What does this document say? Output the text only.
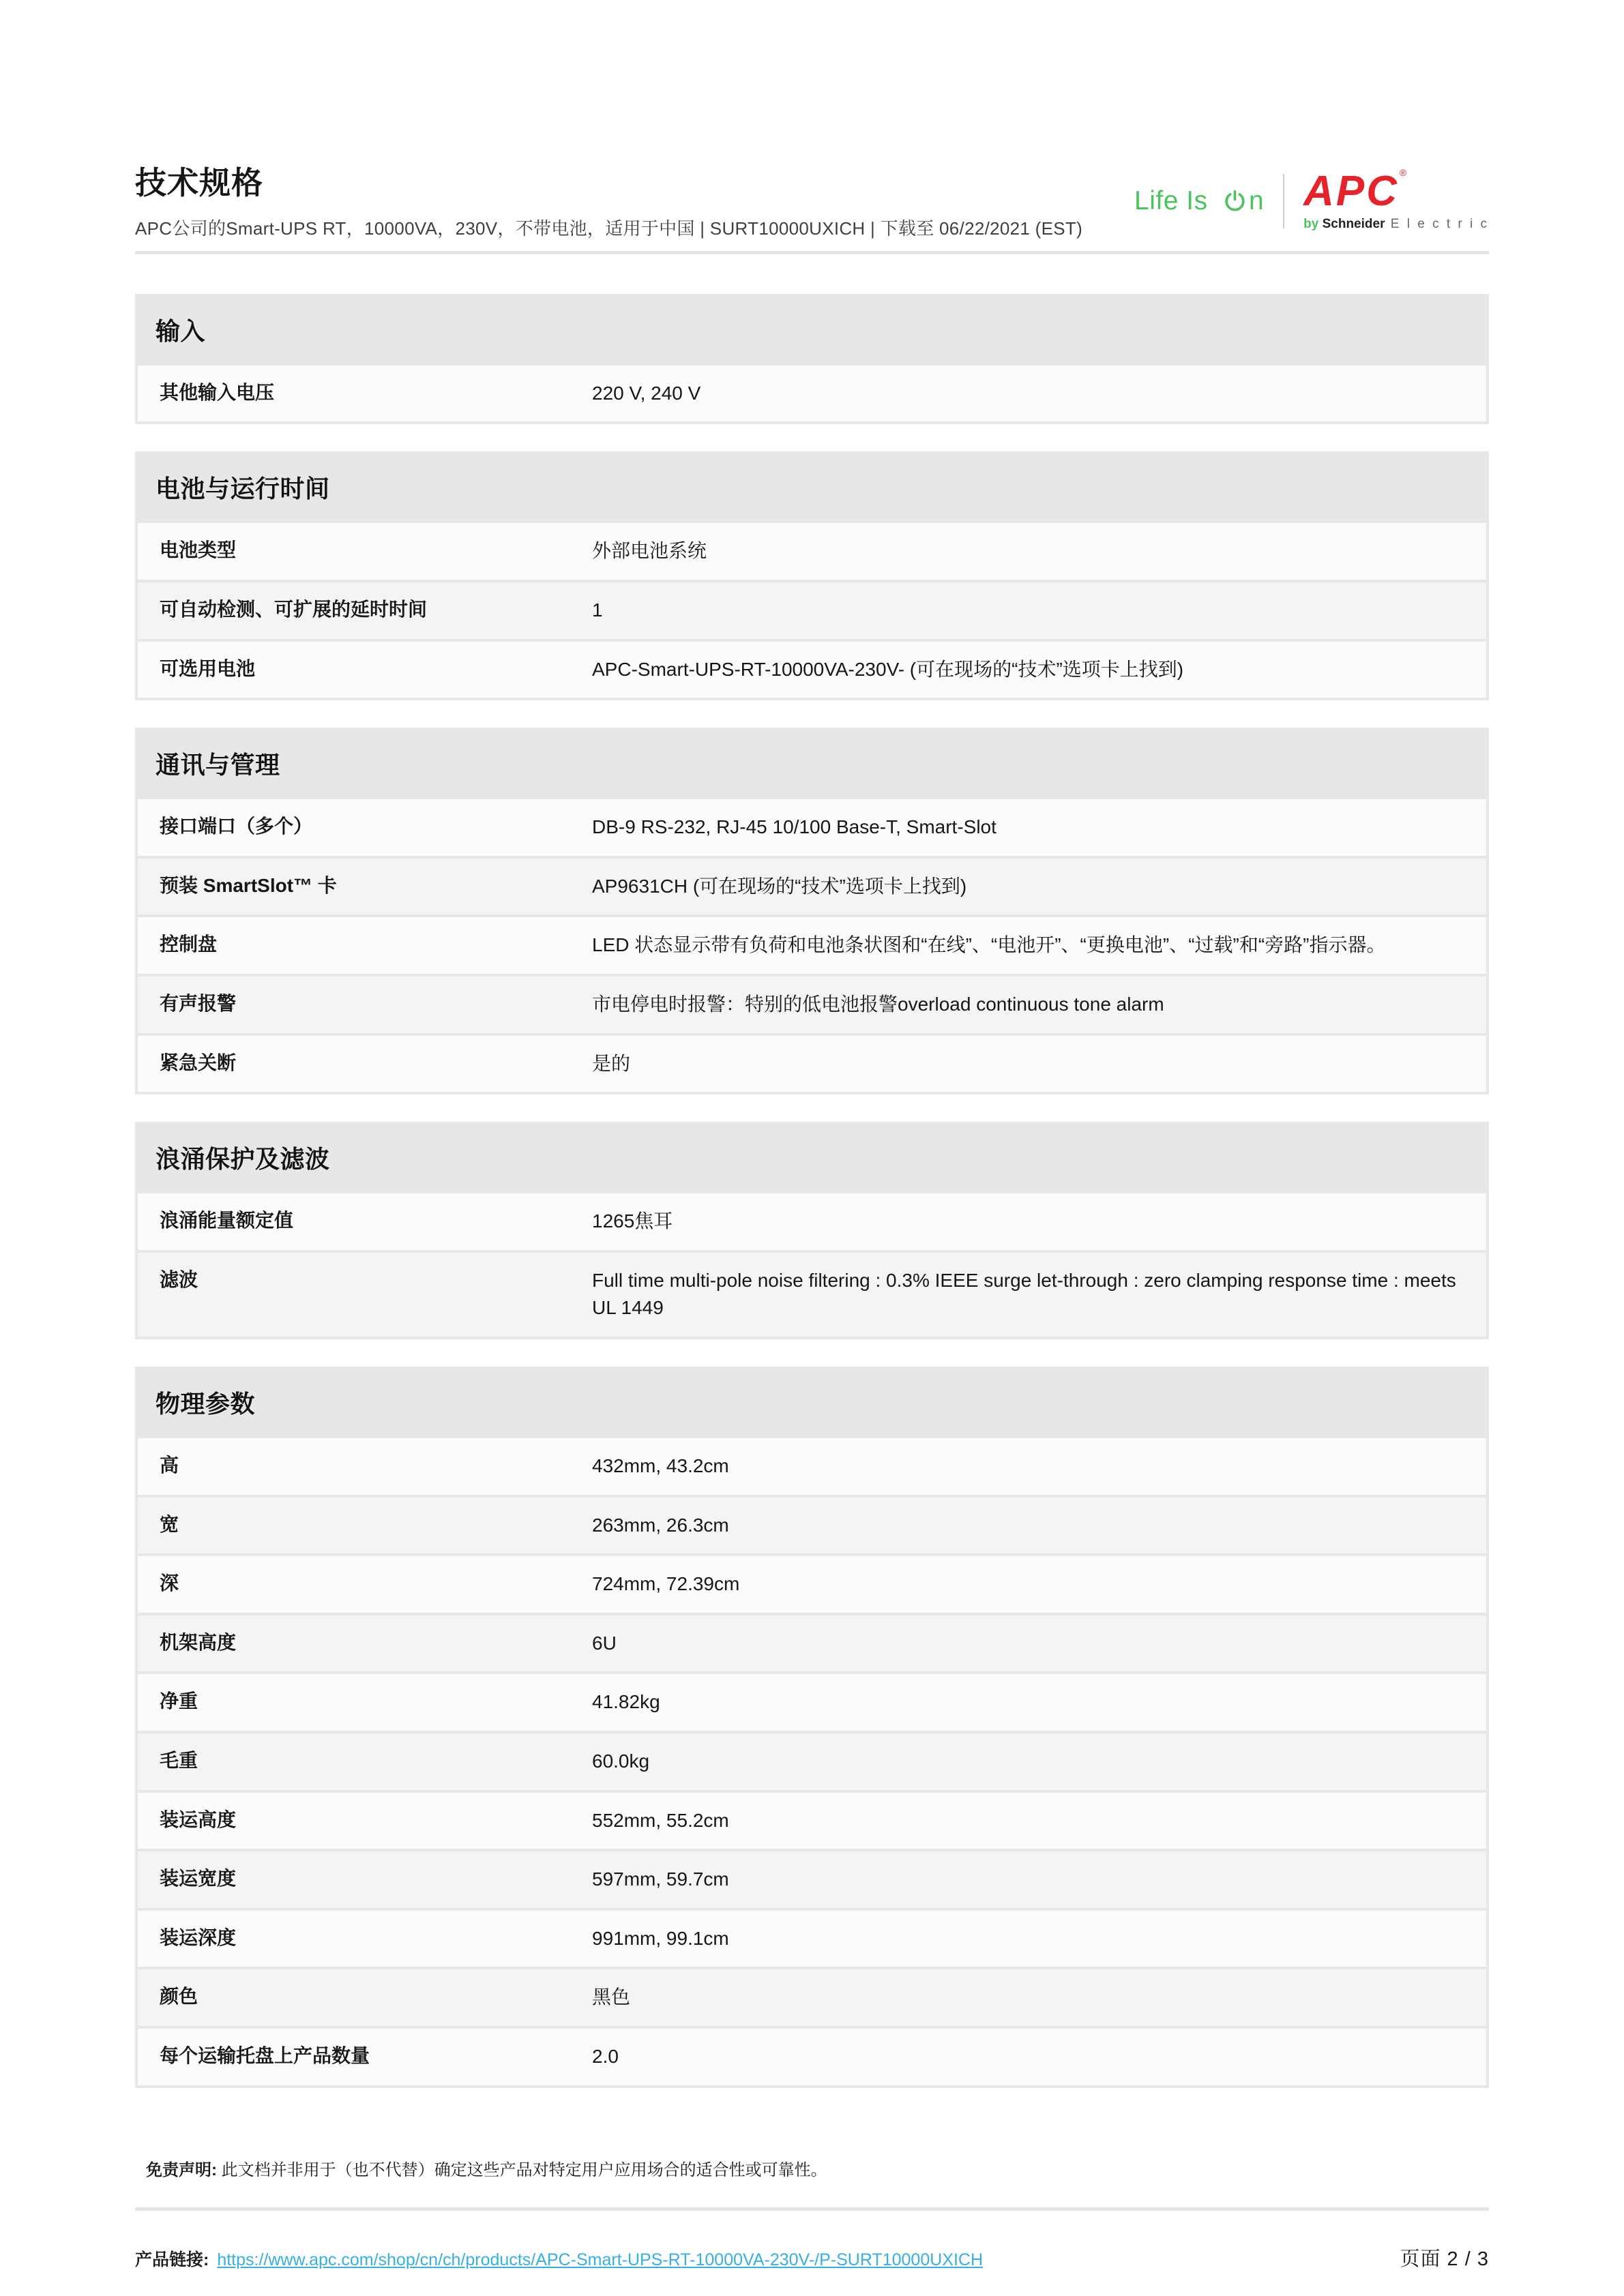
技术规格
APC公司的Smart-UPS RT，10000VA，230V，不带电池，适用于中国 | SURT10000UXICH | 下载至 06/22/2021 (EST)
Life Is n APC ®
by Schneider E l e c t r i c
输入
其他输入电压	220 V, 240 V
电池与运行时间
电池类型	外部电池系统
可自动检测、可扩展的延时时间	1
可选用电池	APC-Smart-UPS-RT-10000VA-230V- (可在现场的“技术”选项卡上找到)
通讯与管理
接口端口（多个）	DB-9 RS-232, RJ-45 10/100 Base-T, Smart-Slot
预装 SmartSlot™ 卡	AP9631CH (可在现场的“技术”选项卡上找到)
控制盘	LED 状态显示带有负荷和电池条状图和“在线”、“电池开”、“更换电池”、“过载”和“旁路”指示器。
有声报警	市电停电时报警：特别的低电池报警overload continuous tone alarm
紧急关断	是的
浪涌保护及滤波
浪涌能量额定值	1265焦耳
滤波	Full time multi-pole noise filtering : 0.3% IEEE surge let-through : zero clamping response time : meets UL 1449
物理参数
高	432mm, 43.2cm
宽	263mm, 26.3cm
深	724mm, 72.39cm
机架高度	6U
净重	41.82kg
毛重	60.0kg
装运高度	552mm, 55.2cm
装运宽度	597mm, 59.7cm
装运深度	991mm, 99.1cm
颜色	黑色
每个运输托盘上产品数量	2.0
免责声明: 此文档并非用于（也不代替）确定这些产品对特定用户应用场合的适合性或可靠性。
产品链接: https://www.apc.com/shop/cn/ch/products/APC-Smart-UPS-RT-10000VA-230V-/P-SURT10000UXICH	页面 2 / 3
